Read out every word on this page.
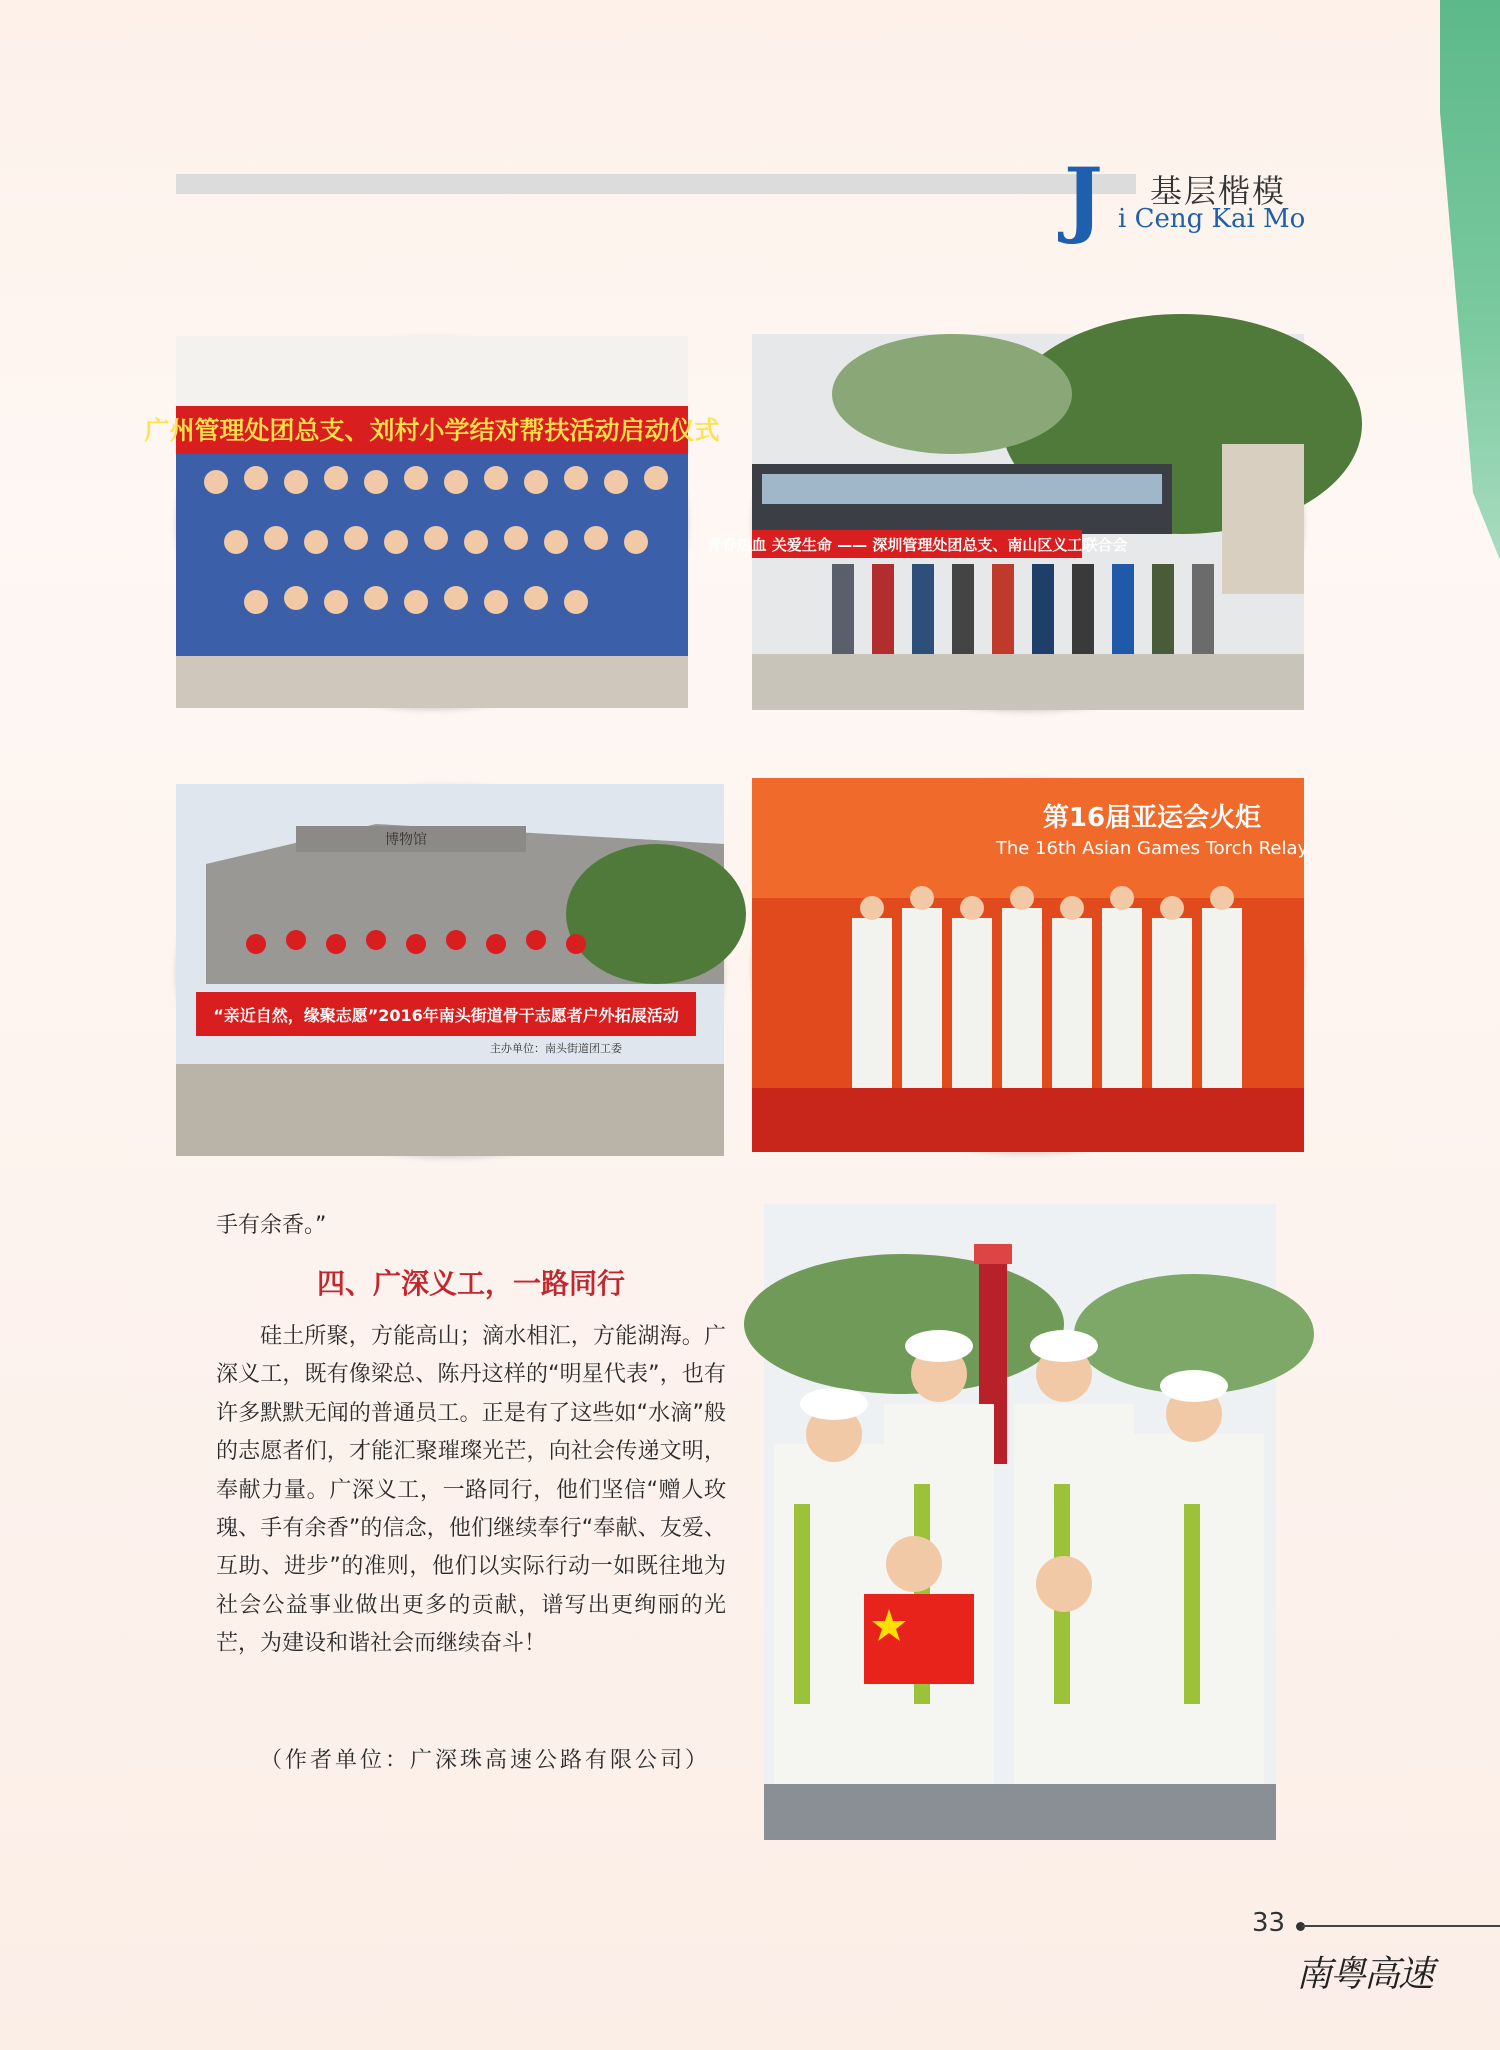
J 基层楷模
i Ceng Kai Mo
广州管理处团总支、刘村小学结对帮扶活动启动仪式
青春热血 关爱生命 —— 深圳管理处团总支、南山区义工联合会
博物馆
“亲近自然，缘聚志愿”2016年南头街道骨干志愿者户外拓展活动
主办单位：南头街道团工委
第16届亚运会火炬
The 16th Asian Games Torch Relay
手有余香。”
四、广深义工，一路同行
硅土所聚，方能高山；滴水相汇，方能湖海。广深义工，既有像梁总、陈丹这样的“明星代表”，也有许多默默无闻的普通员工。正是有了这些如“水滴”般的志愿者们，才能汇聚璀璨光芒，向社会传递文明，奉献力量。广深义工，一路同行，他们坚信“赠人玫瑰、手有余香”的信念，他们继续奉行“奉献、友爱、互助、进步”的准则，他们以实际行动一如既往地为社会公益事业做出更多的贡献，谱写出更绚丽的光芒，为建设和谐社会而继续奋斗！
（作者单位：广深珠高速公路有限公司）
33
南粤高速
